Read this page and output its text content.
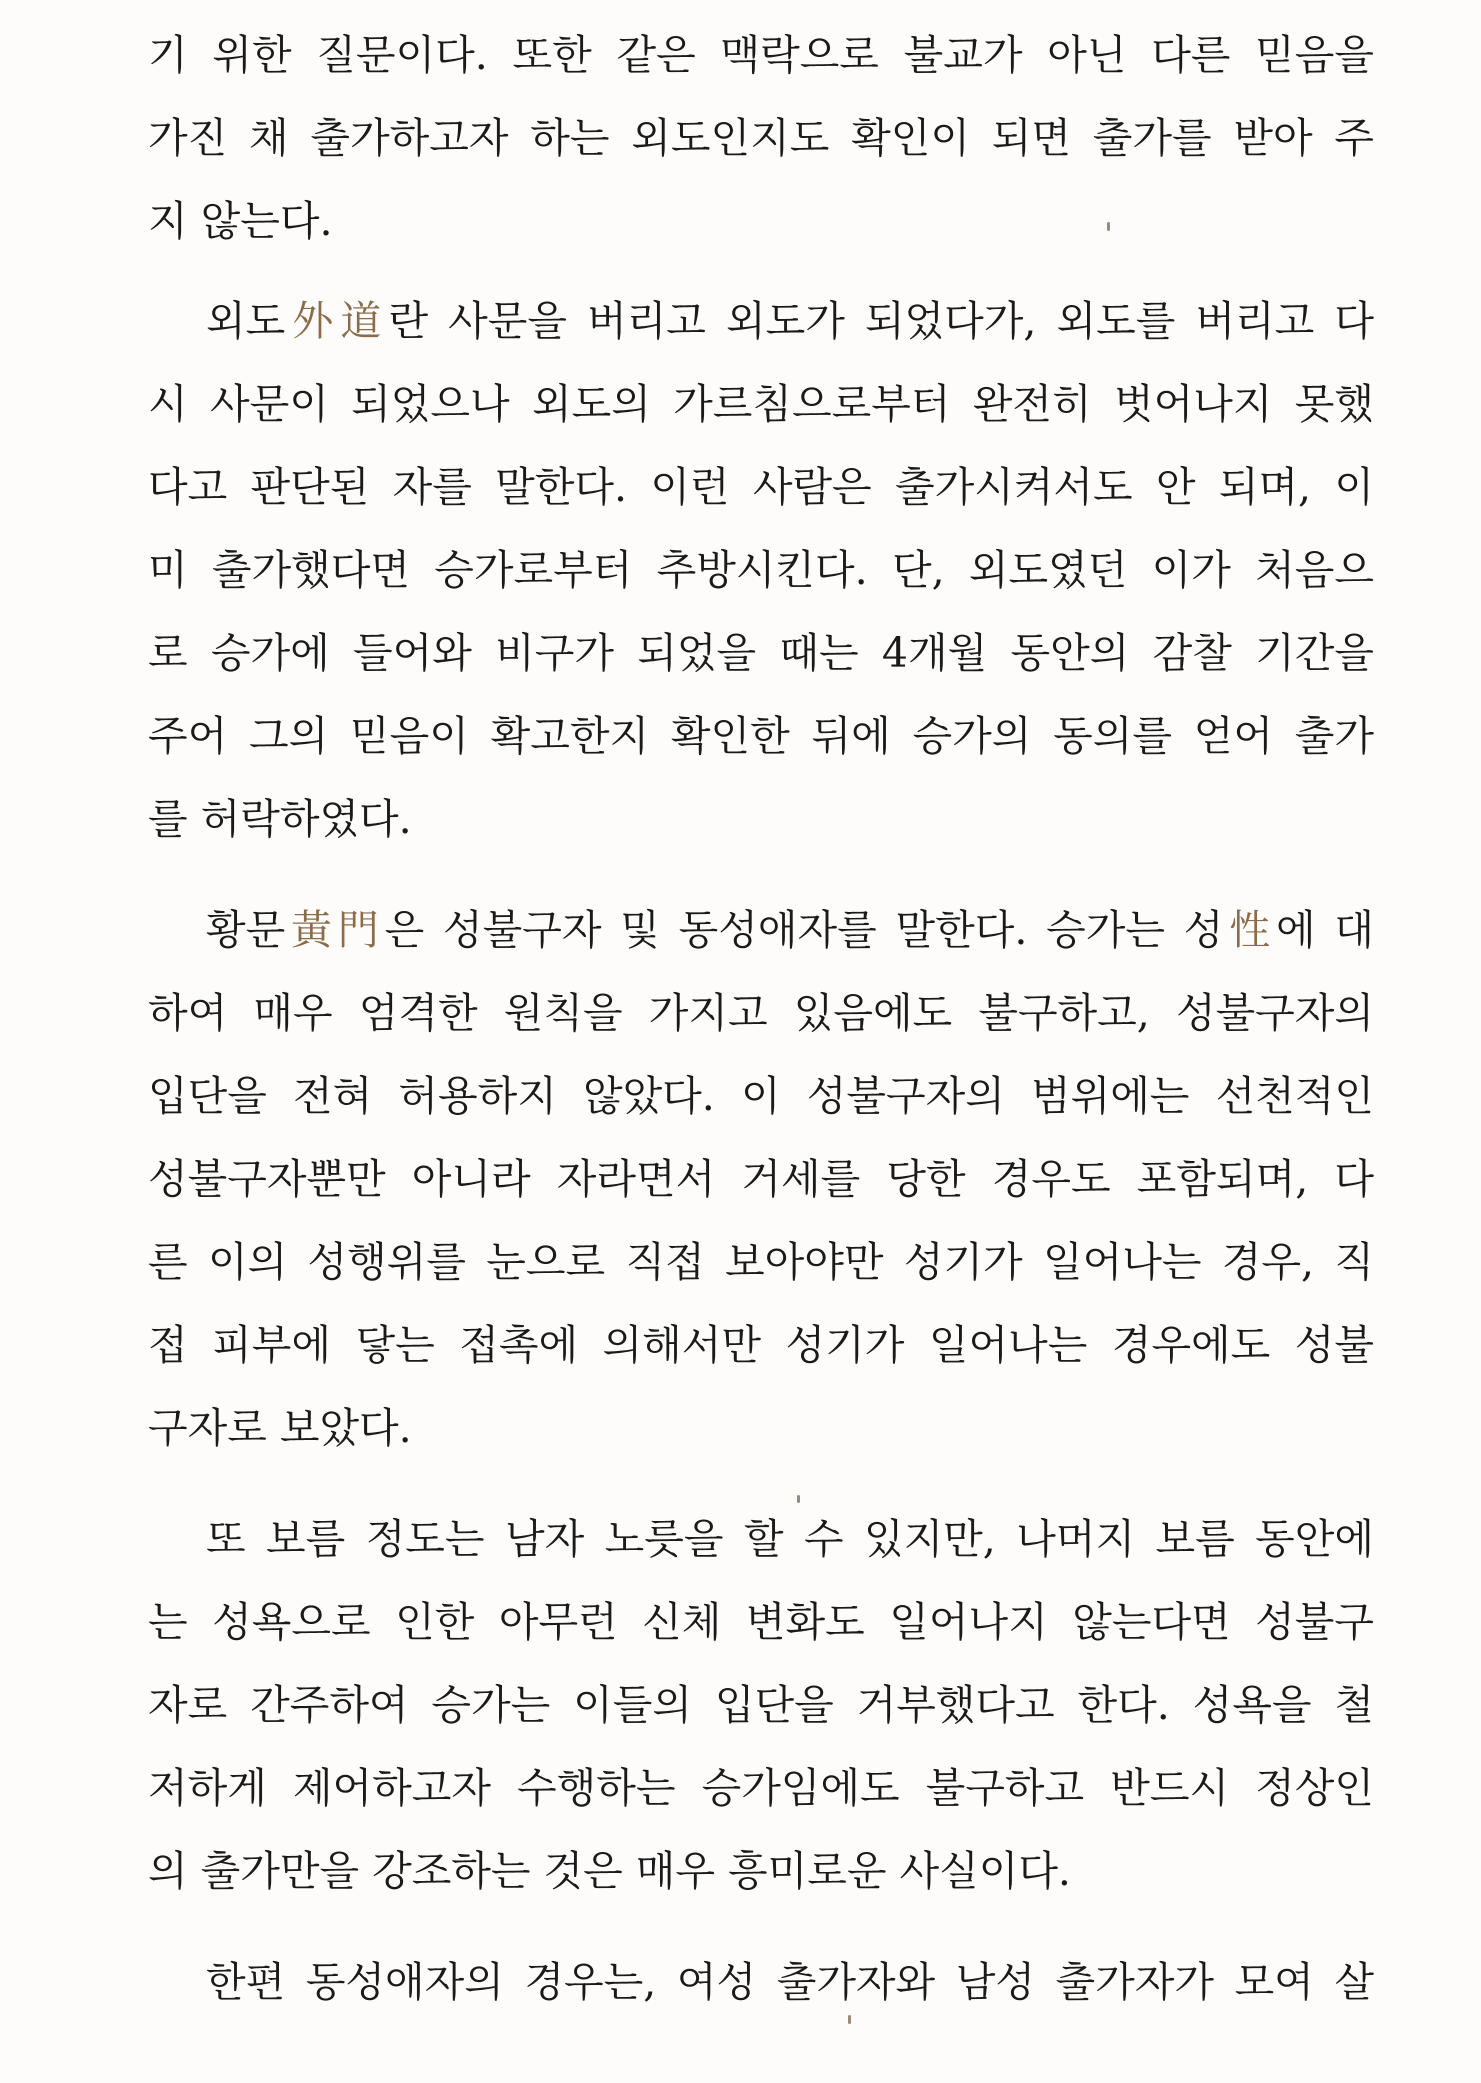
기 위한 질문이다. 또한 같은 맥락으로 불교가 아닌 다른 믿음을
가진 채 출가하고자 하는 외도인지도 확인이 되면 출가를 받아 주
지 않는다.
외도外道란 사문을 버리고 외도가 되었다가, 외도를 버리고 다
시 사문이 되었으나 외도의 가르침으로부터 완전히 벗어나지 못했
다고 판단된 자를 말한다. 이런 사람은 출가시켜서도 안 되며, 이
미 출가했다면 승가로부터 추방시킨다. 단, 외도였던 이가 처음으
로 승가에 들어와 비구가 되었을 때는 4개월 동안의 감찰 기간을
주어 그의 믿음이 확고한지 확인한 뒤에 승가의 동의를 얻어 출가
를 허락하였다.
황문黃門은 성불구자 및 동성애자를 말한다. 승가는 성性에 대
하여 매우 엄격한 원칙을 가지고 있음에도 불구하고, 성불구자의
입단을 전혀 허용하지 않았다. 이 성불구자의 범위에는 선천적인
성불구자뿐만 아니라 자라면서 거세를 당한 경우도 포함되며, 다
른 이의 성행위를 눈으로 직접 보아야만 성기가 일어나는 경우, 직
접 피부에 닿는 접촉에 의해서만 성기가 일어나는 경우에도 성불
구자로 보았다.
또 보름 정도는 남자 노릇을 할 수 있지만, 나머지 보름 동안에
는 성욕으로 인한 아무런 신체 변화도 일어나지 않는다면 성불구
자로 간주하여 승가는 이들의 입단을 거부했다고 한다. 성욕을 철
저하게 제어하고자 수행하는 승가임에도 불구하고 반드시 정상인
의 출가만을 강조하는 것은 매우 흥미로운 사실이다.
한편 동성애자의 경우는, 여성 출가자와 남성 출가자가 모여 살
